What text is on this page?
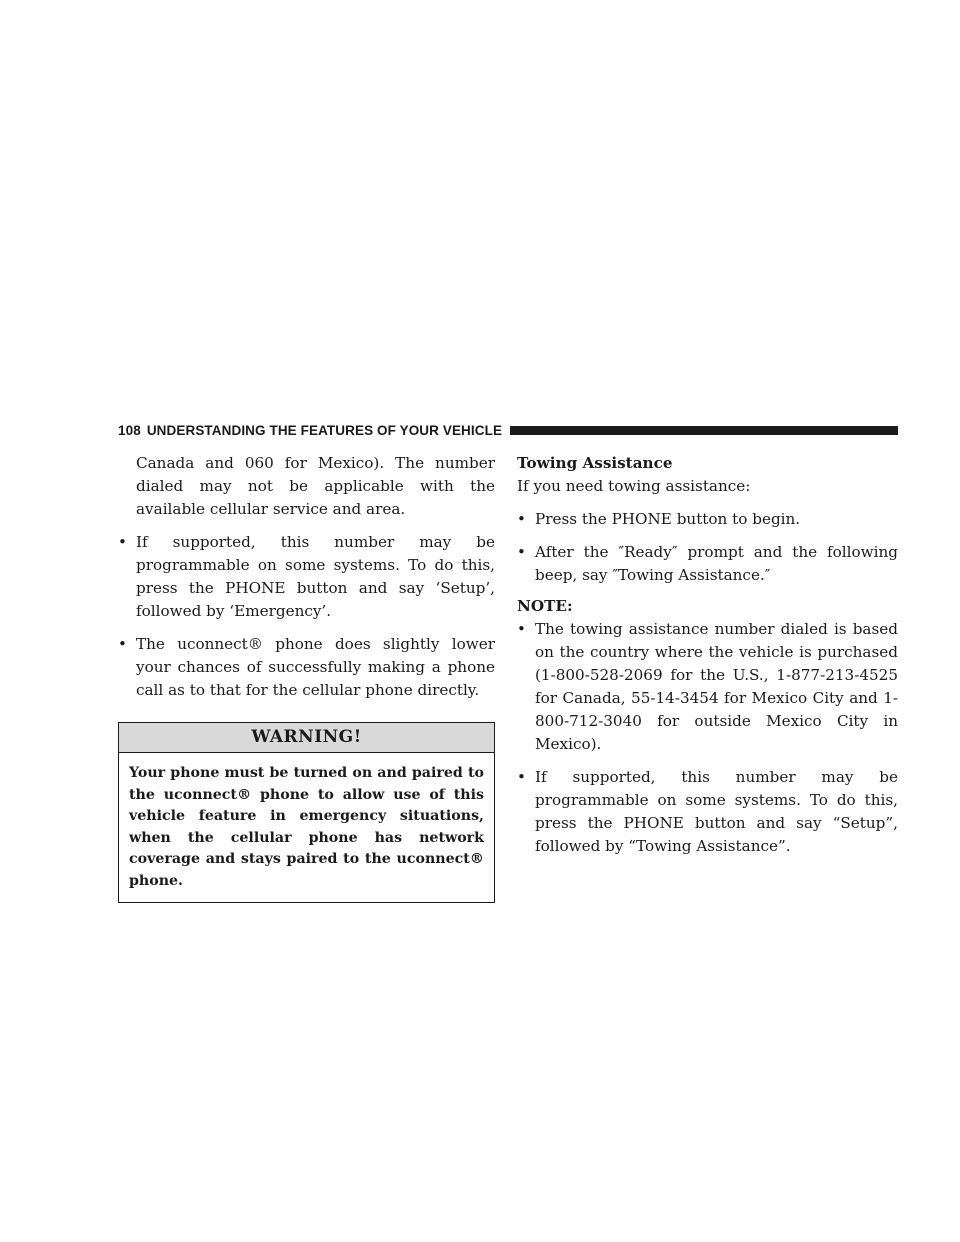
108 UNDERSTANDING THE FEATURES OF YOUR VEHICLE

Canada and 060 for Mexico). The number dialed may not be applicable with the available cellular service and area.

• If supported, this number may be programmable on some systems. To do this, press the PHONE button and say ‘Setup’, followed by ‘Emergency’.
• The uconnect® phone does slightly lower your chances of successfully making a phone call as to that for the cellular phone directly.
WARNING!
Your phone must be turned on and paired to the uconnect® phone to allow use of this vehicle feature in emergency situations, when the cellular phone has network coverage and stays paired to the uconnect® phone.
Towing Assistance

If you need towing assistance:

• Press the PHONE button to begin.
• After the ″Ready″ prompt and the following beep, say ″Towing Assistance.″
NOTE:
• The towing assistance number dialed is based on the country where the vehicle is purchased (1-800-528-2069 for the U.S., 1-877-213-4525 for Canada, 55-14-3454 for Mexico City and 1-800-712-3040 for outside Mexico City in Mexico).
• If supported, this number may be programmable on some systems. To do this, press the PHONE button and say “Setup”, followed by “Towing Assistance”.
